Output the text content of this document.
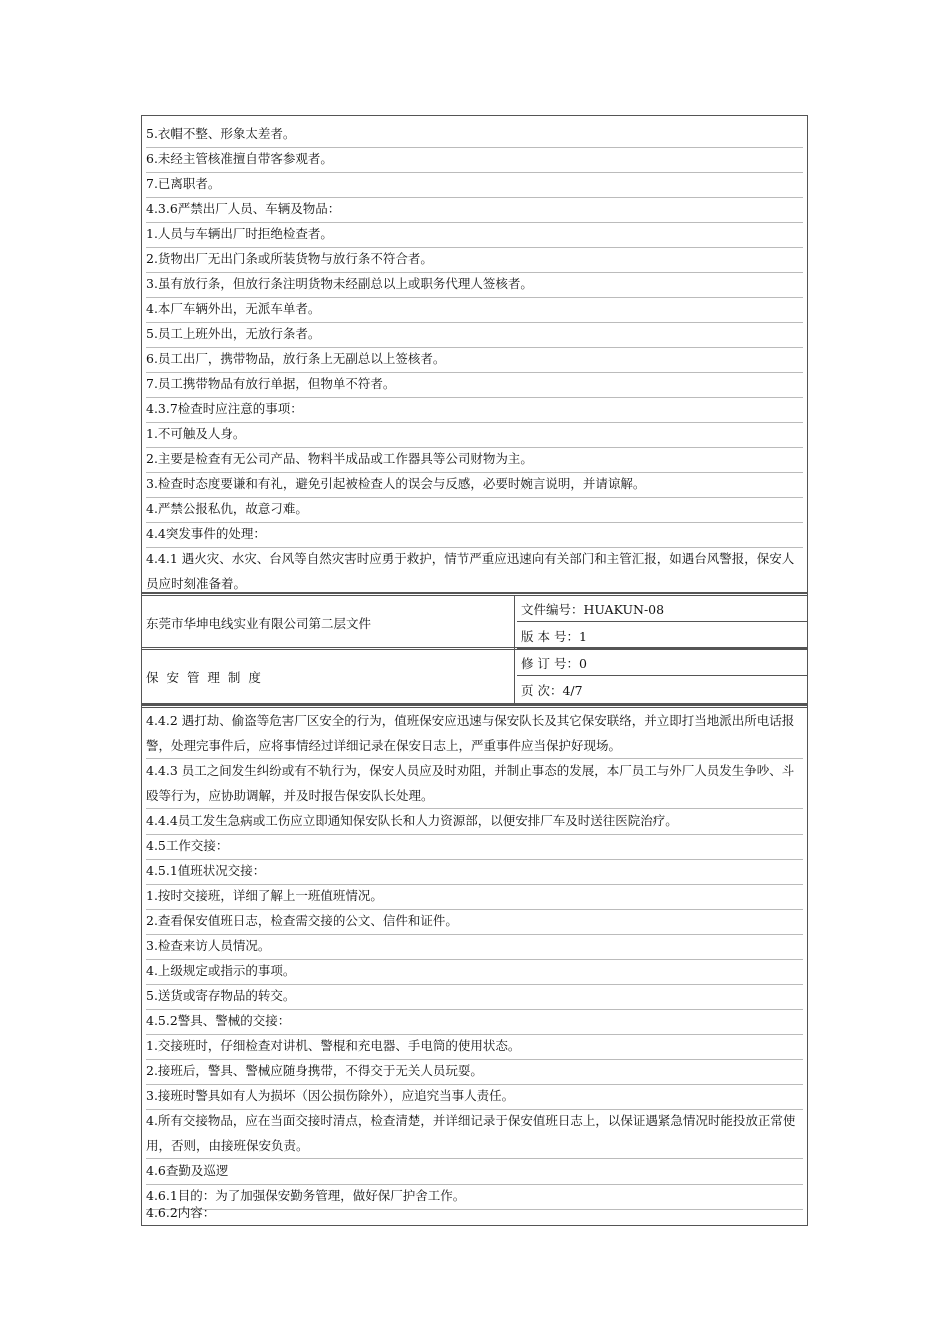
5.衣帽不整、形象太差者。
6.未经主管核准擅自带客参观者。
7.已离职者。
4.3.6严禁出厂人员、车辆及物品：
1.人员与车辆出厂时拒绝检查者。
2.货物出厂无出门条或所装货物与放行条不符合者。
3.虽有放行条，但放行条注明货物未经副总以上或职务代理人签核者。
4.本厂车辆外出，无派车单者。
5.员工上班外出，无放行条者。
6.员工出厂，携带物品，放行条上无副总以上签核者。
7.员工携带物品有放行单据，但物单不符者。
4.3.7检查时应注意的事项：
1.不可触及人身。
2.主要是检查有无公司产品、物料半成品或工作器具等公司财物为主。
3.检查时态度要谦和有礼，避免引起被检查人的误会与反感，必要时婉言说明，并请谅解。
4.严禁公报私仇，故意刁难。
4.4突发事件的处理：
4.4.1 遇火灾、水灾、台风等自然灾害时应勇于救护，情节严重应迅速向有关部门和主管汇报，如遇台风警报，保安人
员应时刻准备着。
东莞市华坤电线实业有限公司第二层文件
文件编号：HUAKUN-08
版 本 号：1
保 安 管 理 制 度
修 订 号：0
页 次：4/7
4.4.2 遇打劫、偷盗等危害厂区安全的行为，值班保安应迅速与保安队长及其它保安联络，并立即打当地派出所电话报
警，处理完事件后，应将事情经过详细记录在保安日志上，严重事件应当保护好现场。
4.4.3 员工之间发生纠纷或有不轨行为，保安人员应及时劝阻，并制止事态的发展，本厂员工与外厂人员发生争吵、斗
殴等行为，应协助调解，并及时报告保安队长处理。
4.4.4员工发生急病或工伤应立即通知保安队长和人力资源部，以便安排厂车及时送往医院治疗。
4.5工作交接：
4.5.1值班状况交接：
1.按时交接班，详细了解上一班值班情况。
2.查看保安值班日志，检查需交接的公文、信件和证件。
3.检查来访人员情况。
4.上级规定或指示的事项。
5.送货或寄存物品的转交。
4.5.2警具、警械的交接：
1.交接班时，仔细检查对讲机、警棍和充电器、手电筒的使用状态。
2.接班后，警具、警械应随身携带，不得交于无关人员玩耍。
3.接班时警具如有人为损坏（因公损伤除外），应追究当事人责任。
4.所有交接物品，应在当面交接时清点，检查清楚，并详细记录于保安值班日志上，以保证遇紧急情况时能投放正常使
用，否则，由接班保安负责。
4.6查勤及巡逻
4.6.1目的：为了加强保安勤务管理，做好保厂护舍工作。
4.6.2内容：
